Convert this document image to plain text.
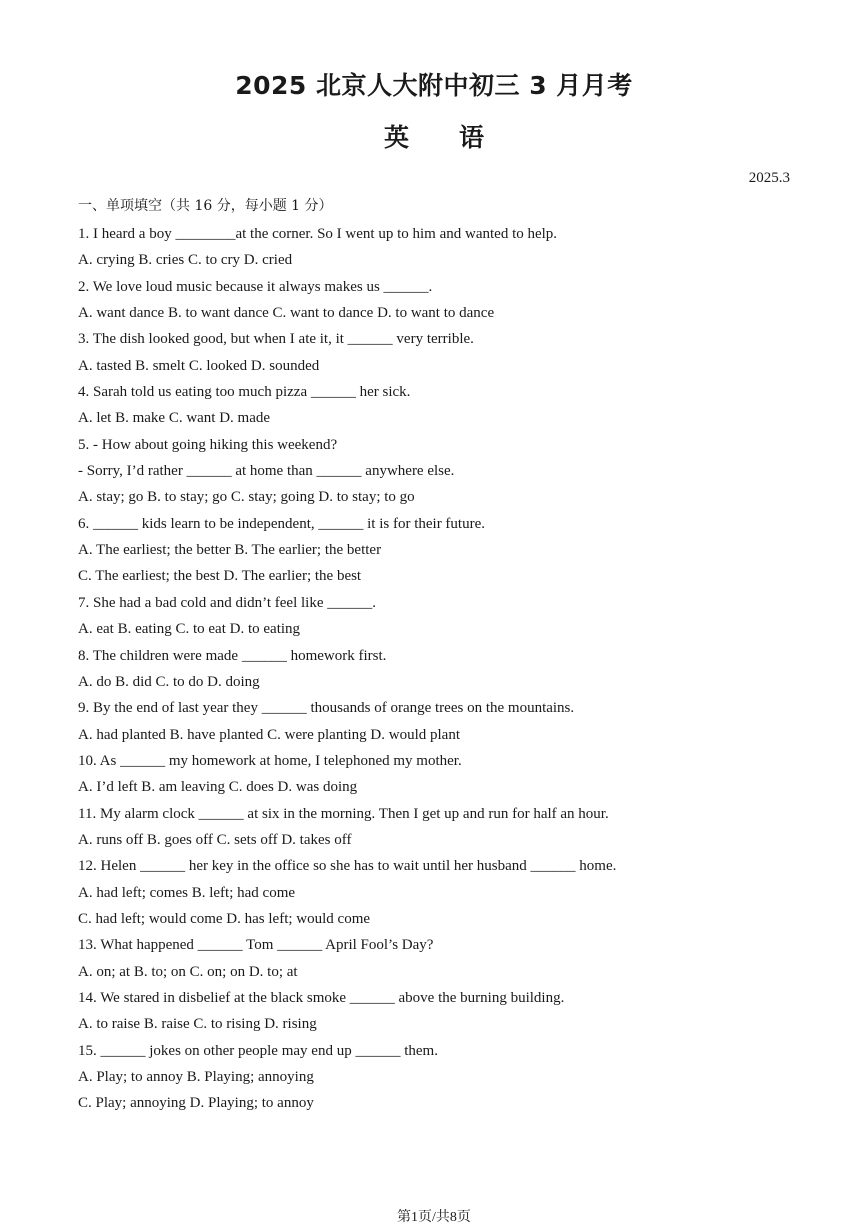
2025 北京人大附中初三 3 月月考
英语
2025.3
一、单项填空（共 16 分，每小题 1 分）
1. I heard a boy ________at the corner. So I went up to him and wanted to help.
A. crying B. cries C. to cry D. cried
2. We love loud music because it always makes us ______.
A. want dance B. to want dance C. want to dance D. to want to dance
3. The dish looked good, but when I ate it, it ______ very terrible.
A. tasted B. smelt C. looked D. sounded
4. Sarah told us eating too much pizza ______ her sick.
A. let B. make C. want D. made
5. - How about going hiking this weekend?
- Sorry, I’d rather ______ at home than ______ anywhere else.
A. stay; go B. to stay; go C. stay; going D. to stay; to go
6. ______ kids learn to be independent, ______ it is for their future.
A. The earliest; the better B. The earlier; the better
C. The earliest; the best D. The earlier; the best
7. She had a bad cold and didn’t feel like ______.
A. eat B. eating C. to eat D. to eating
8. The children were made ______ homework first.
A. do B. did C. to do D. doing
9. By the end of last year they ______ thousands of orange trees on the mountains.
A. had planted B. have planted C. were planting D. would plant
10. As ______ my homework at home, I telephoned my mother.
A. I’d left B. am leaving C. does D. was doing
11. My alarm clock ______ at six in the morning. Then I get up and run for half an hour.
A. runs off B. goes off C. sets off D. takes off
12. Helen ______ her key in the office so she has to wait until her husband ______ home.
A. had left; comes B. left; had come
C. had left; would come D. has left; would come
13. What happened ______ Tom ______ April Fool’s Day?
A. on; at B. to; on C. on; on D. to; at
14. We stared in disbelief at the black smoke ______ above the burning building.
A. to raise B. raise C. to rising D. rising
15. ______ jokes on other people may end up ______ them.
A. Play; to annoy B. Playing; annoying
C. Play; annoying D. Playing; to annoy
第1页/共8页
